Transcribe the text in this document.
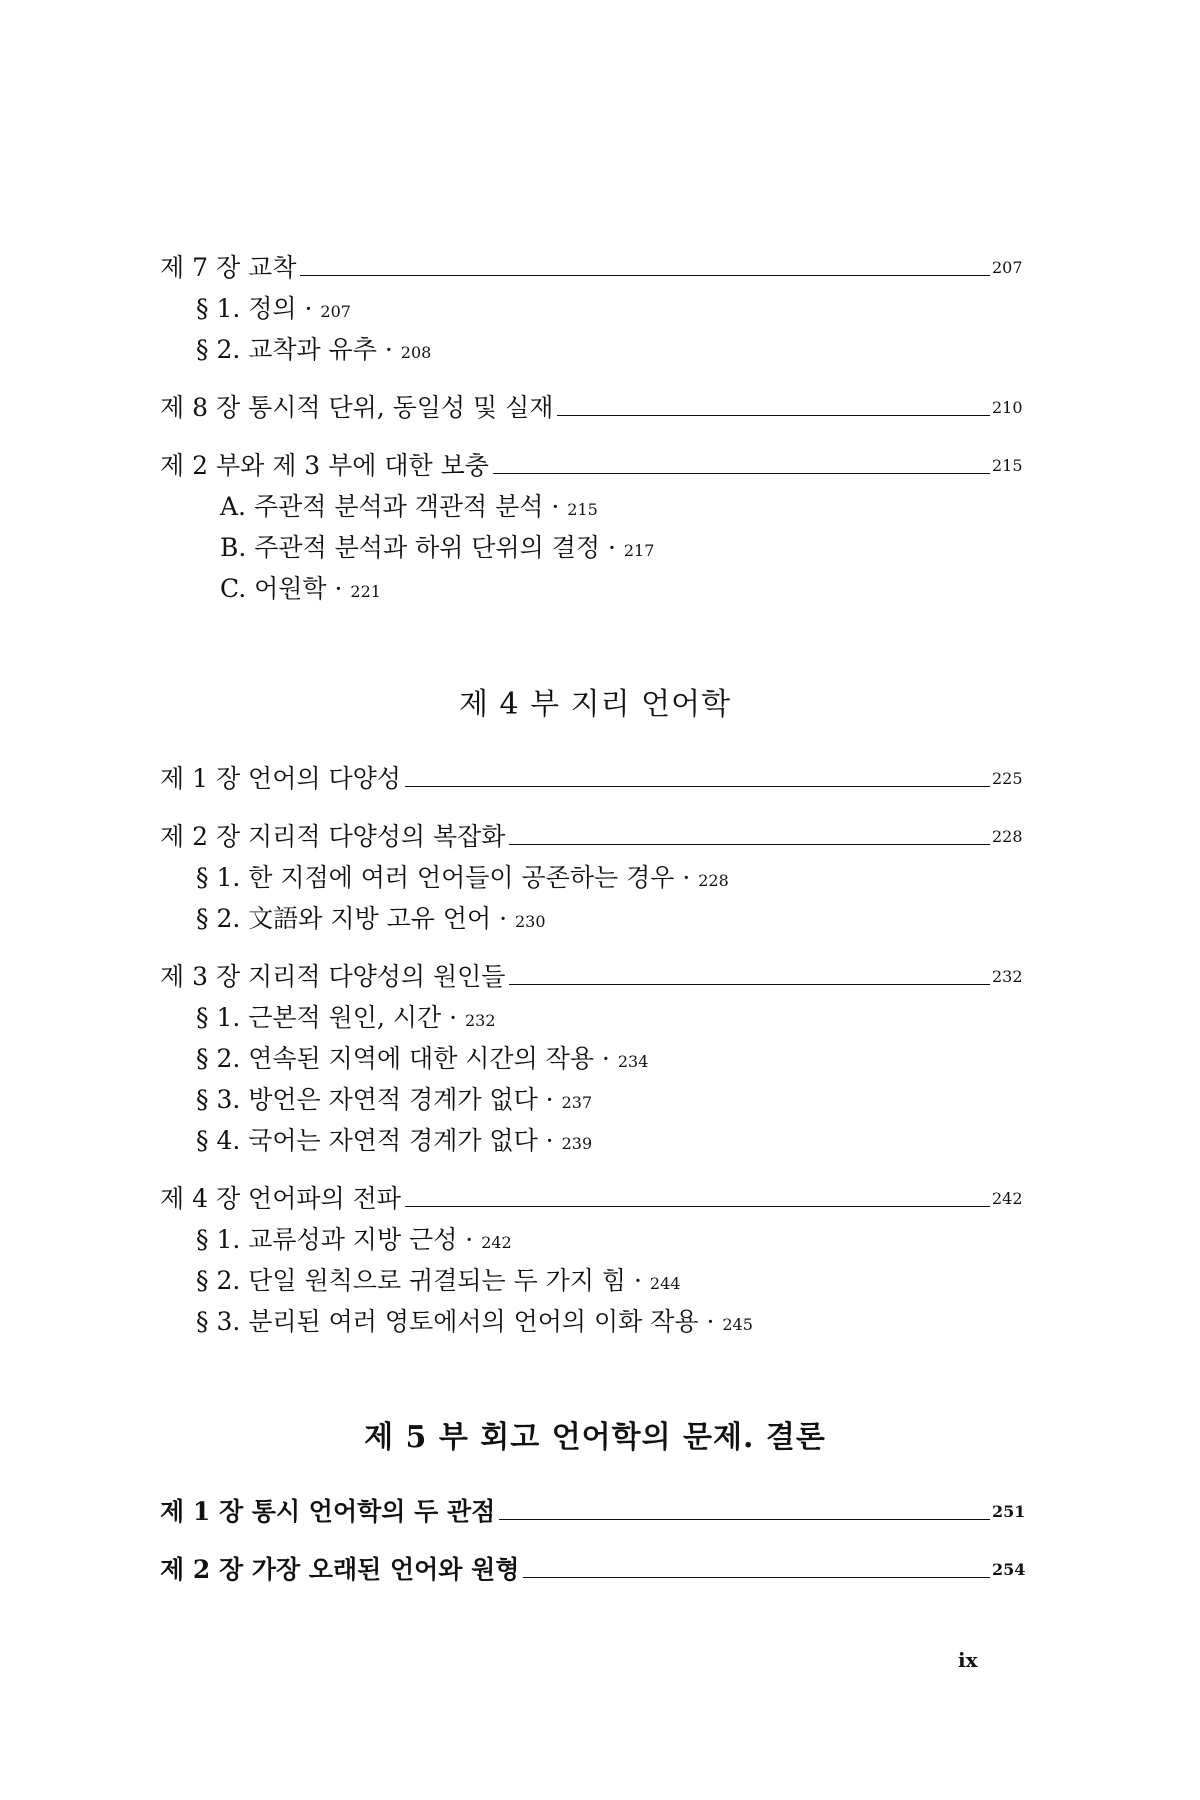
제 7 장 교착	207
§ 1. 정의 · 207
§ 2. 교착과 유추 · 208
제 8 장 통시적 단위, 동일성 및 실재	210
제 2 부와 제 3 부에 대한 보충	215
A. 주관적 분석과 객관적 분석 · 215
B. 주관적 분석과 하위 단위의 결정 · 217
C. 어원학 · 221
제 4 부 지리 언어학
제 1 장 언어의 다양성	225
제 2 장 지리적 다양성의 복잡화	228
§ 1. 한 지점에 여러 언어들이 공존하는 경우 · 228
§ 2. 文語와 지방 고유 언어 · 230
제 3 장 지리적 다양성의 원인들	232
§ 1. 근본적 원인, 시간 · 232
§ 2. 연속된 지역에 대한 시간의 작용 · 234
§ 3. 방언은 자연적 경계가 없다 · 237
§ 4. 국어는 자연적 경계가 없다 · 239
제 4 장 언어파의 전파	242
§ 1. 교류성과 지방 근성 · 242
§ 2. 단일 원칙으로 귀결되는 두 가지 힘 · 244
§ 3. 분리된 여러 영토에서의 언어의 이화 작용 · 245
제 5 부 회고 언어학의 문제. 결론
제 1 장 통시 언어학의 두 관점	251
제 2 장 가장 오래된 언어와 원형	254
ix
